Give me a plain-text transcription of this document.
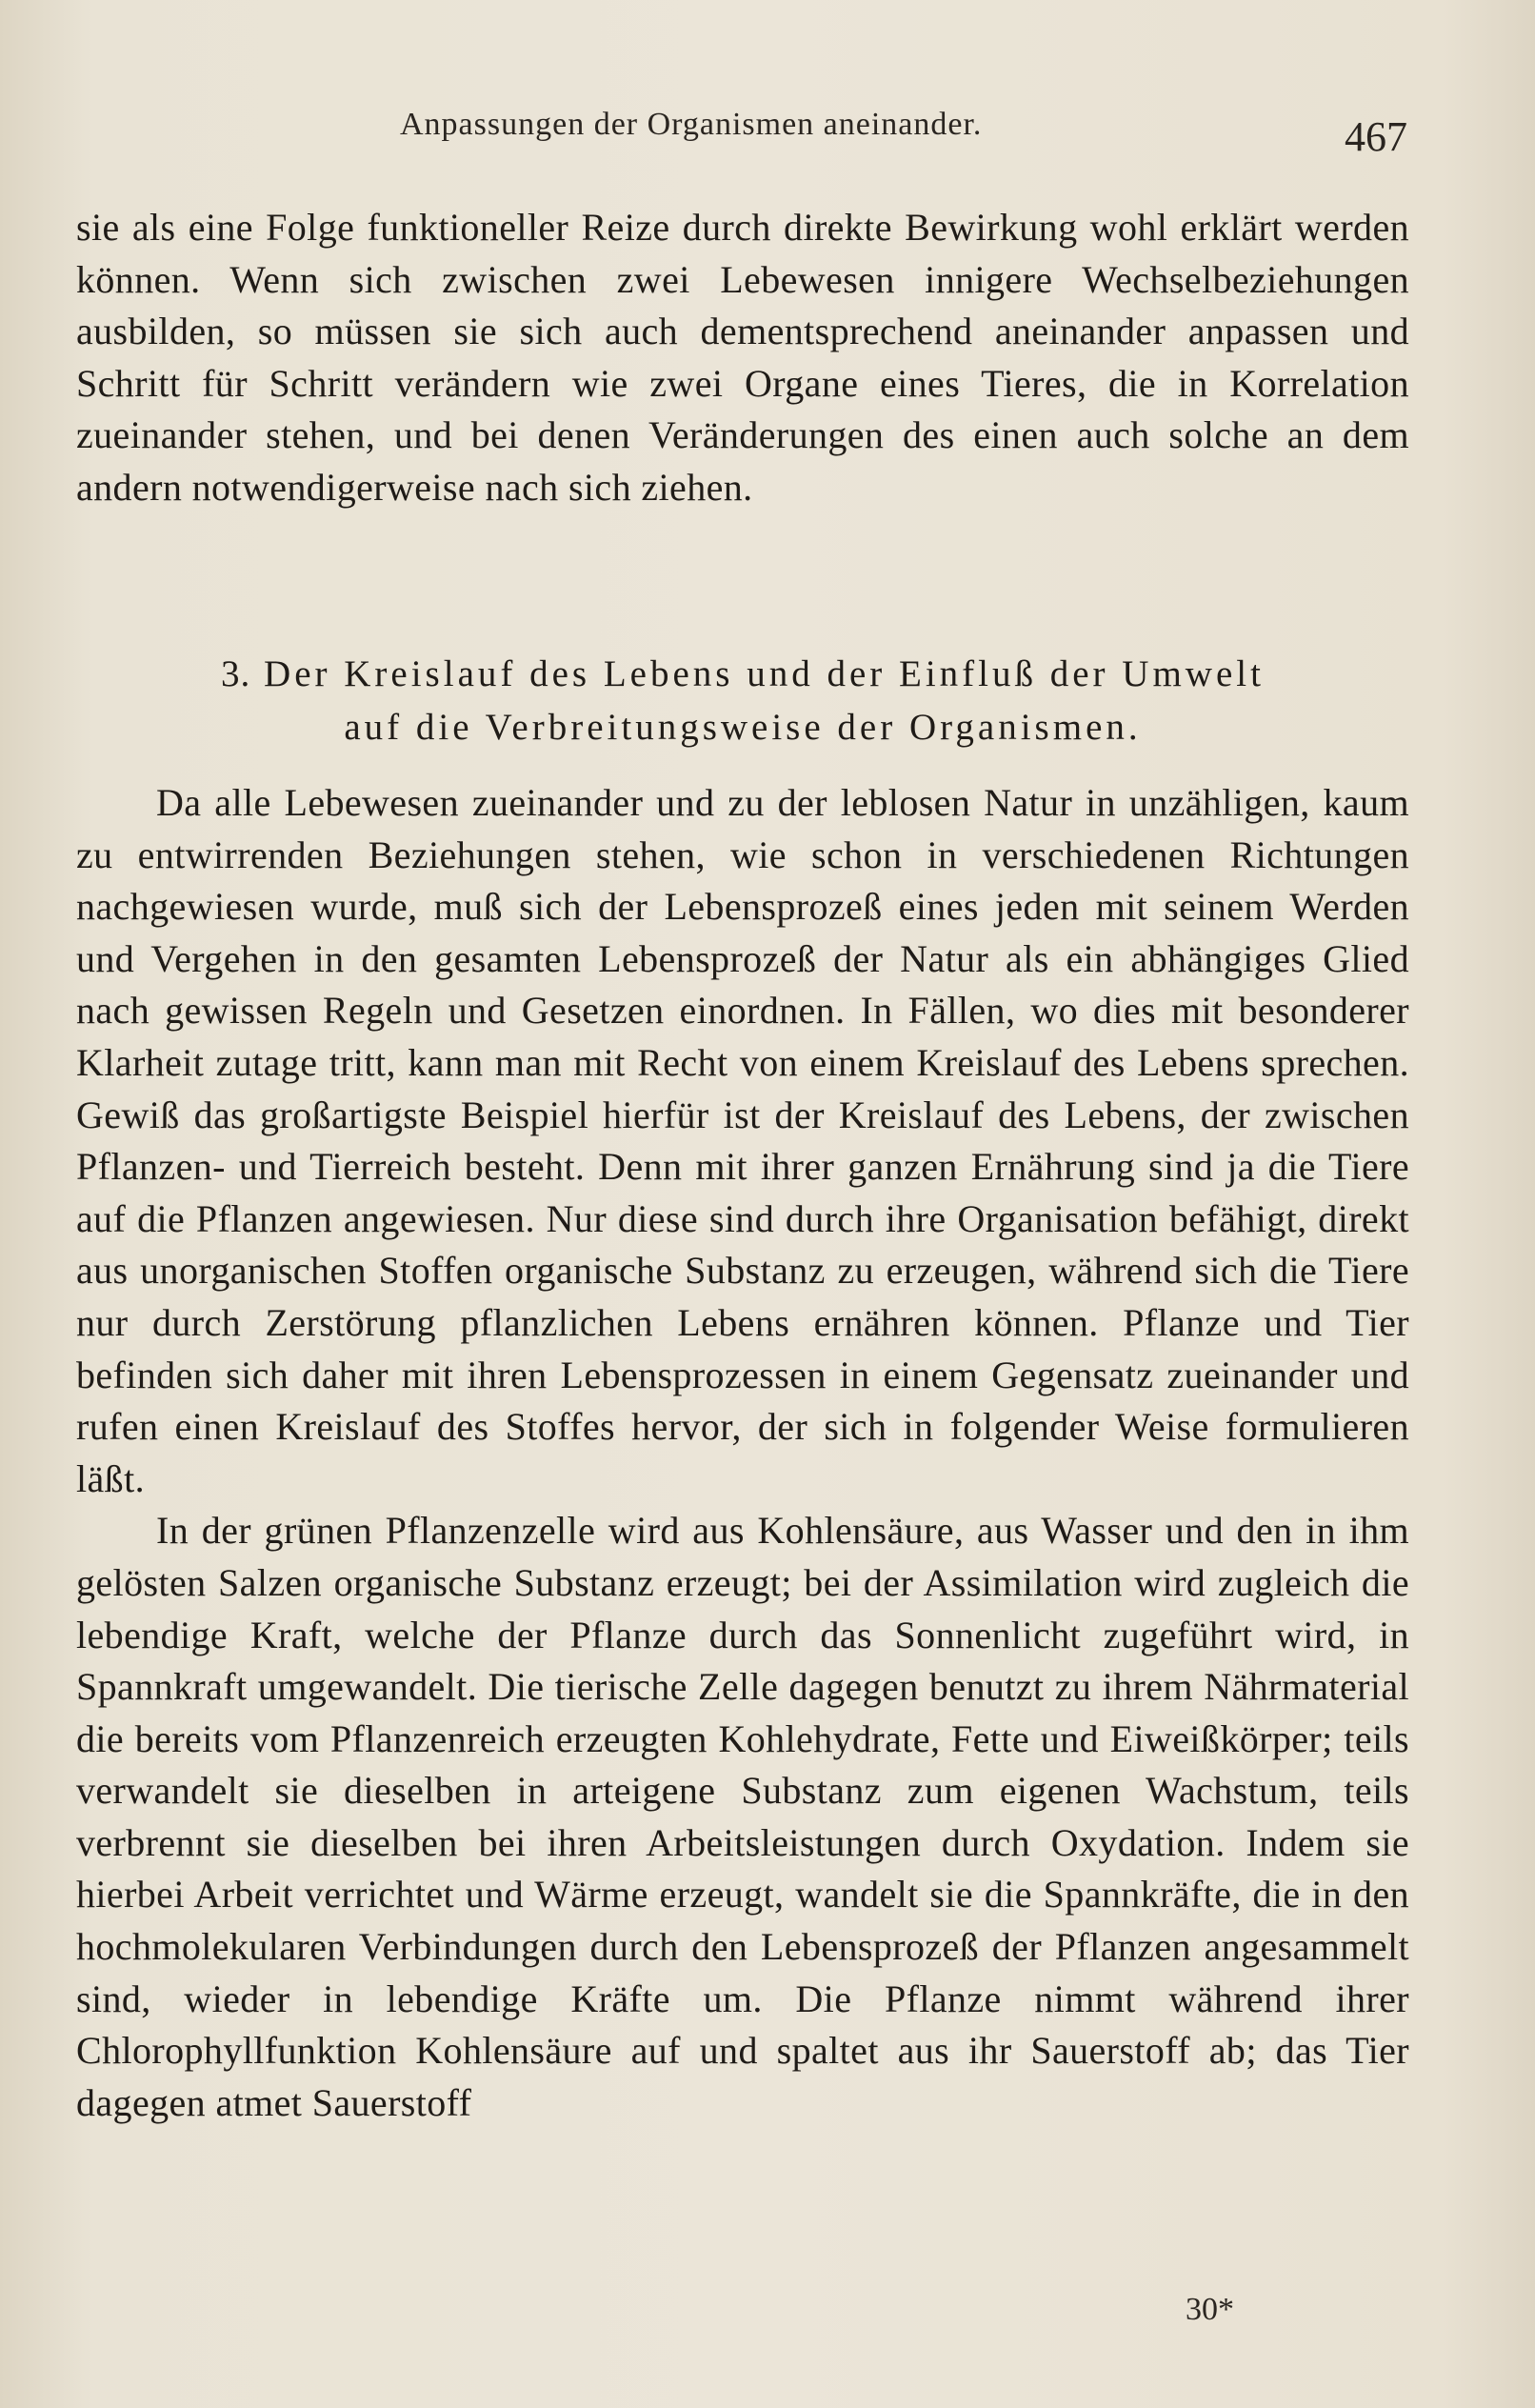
Anpassungen der Organismen aneinander.	467

sie als eine Folge funktioneller Reize durch direkte Bewirkung wohl erklärt werden können. Wenn sich zwischen zwei Lebewesen innigere Wechselbeziehungen ausbilden, so müssen sie sich auch dementsprechend aneinander anpassen und Schritt für Schritt verändern wie zwei Organe eines Tieres, die in Korrelation zueinander stehen, und bei denen Veränderungen des einen auch solche an dem andern notwendigerweise nach sich ziehen.

3. Der Kreislauf des Lebens und der Einfluß der Umwelt
auf die Verbreitungsweise der Organismen.

Da alle Lebewesen zueinander und zu der leblosen Natur in unzähligen, kaum zu entwirrenden Beziehungen stehen, wie schon in verschiedenen Richtungen nachgewiesen wurde, muß sich der Lebensprozeß eines jeden mit seinem Werden und Vergehen in den gesamten Lebensprozeß der Natur als ein abhängiges Glied nach gewissen Regeln und Gesetzen einordnen. In Fällen, wo dies mit besonderer Klarheit zutage tritt, kann man mit Recht von einem Kreislauf des Lebens sprechen. Gewiß das großartigste Beispiel hierfür ist der Kreislauf des Lebens, der zwischen Pflanzen- und Tierreich besteht. Denn mit ihrer ganzen Ernährung sind ja die Tiere auf die Pflanzen angewiesen. Nur diese sind durch ihre Organisation befähigt, direkt aus unorganischen Stoffen organische Substanz zu erzeugen, während sich die Tiere nur durch Zerstörung pflanzlichen Lebens ernähren können. Pflanze und Tier befinden sich daher mit ihren Lebensprozessen in einem Gegensatz zueinander und rufen einen Kreislauf des Stoffes hervor, der sich in folgender Weise formulieren läßt.

In der grünen Pflanzenzelle wird aus Kohlensäure, aus Wasser und den in ihm gelösten Salzen organische Substanz erzeugt; bei der Assimilation wird zugleich die lebendige Kraft, welche der Pflanze durch das Sonnenlicht zugeführt wird, in Spannkraft umgewandelt. Die tierische Zelle dagegen benutzt zu ihrem Nährmaterial die bereits vom Pflanzenreich erzeugten Kohlehydrate, Fette und Eiweißkörper; teils verwandelt sie dieselben in arteigene Substanz zum eigenen Wachstum, teils verbrennt sie dieselben bei ihren Arbeitsleistungen durch Oxydation. Indem sie hierbei Arbeit verrichtet und Wärme erzeugt, wandelt sie die Spannkräfte, die in den hochmolekularen Verbindungen durch den Lebensprozeß der Pflanzen angesammelt sind, wieder in lebendige Kräfte um. Die Pflanze nimmt während ihrer Chlorophyllfunktion Kohlensäure auf und spaltet aus ihr Sauerstoff ab; das Tier dagegen atmet Sauerstoff

30*
